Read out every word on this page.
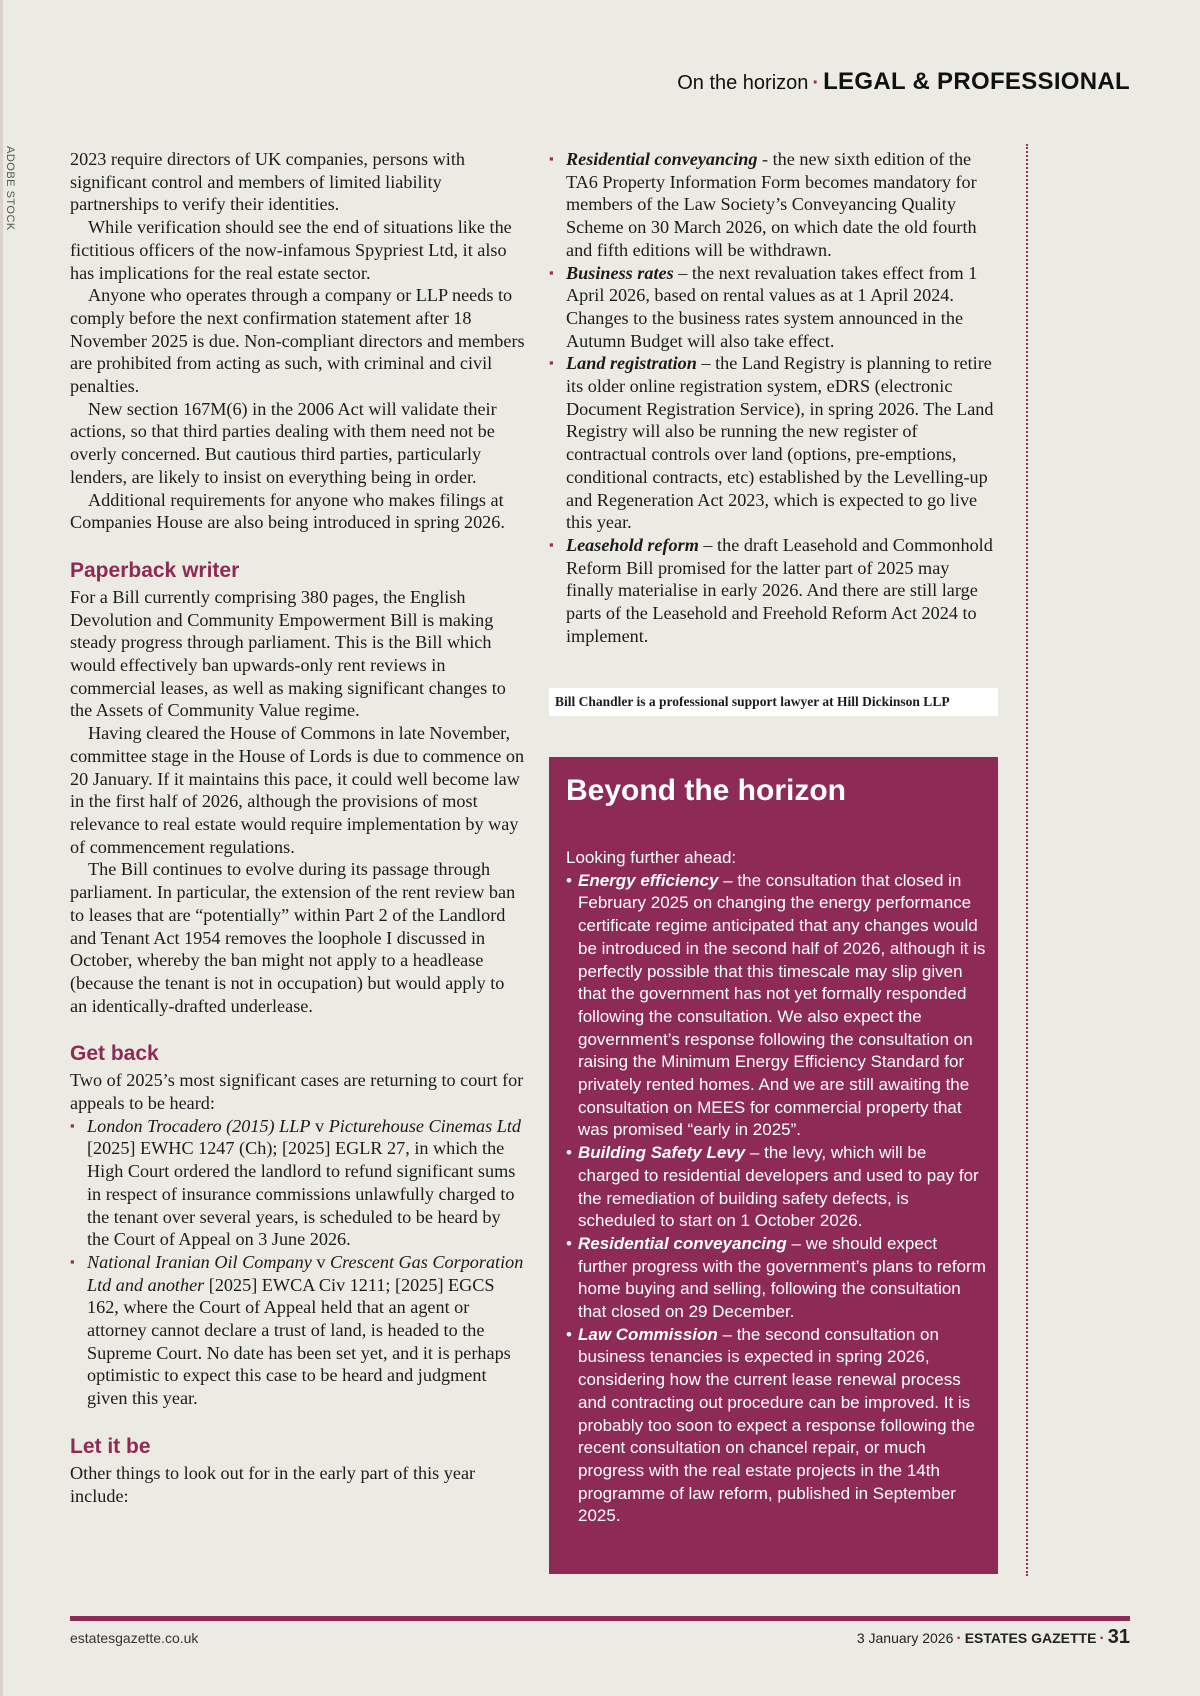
ADOBE STOCK
On the horizon · LEGAL & PROFESSIONAL

2023 require directors of UK companies, persons with significant control and members of limited liability partnerships to verify their identities.

While verification should see the end of situations like the fictitious officers of the now-infamous Spypriest Ltd, it also has implications for the real estate sector.

Anyone who operates through a company or LLP needs to comply before the next confirmation statement after 18 November 2025 is due. Non-compliant directors and members are prohibited from acting as such, with criminal and civil penalties.

New section 167M(6) in the 2006 Act will validate their actions, so that third parties dealing with them need not be overly concerned. But cautious third parties, particularly lenders, are likely to insist on everything being in order.

Additional requirements for anyone who makes filings at Companies House are also being introduced in spring 2026.

Paperback writer

For a Bill currently comprising 380 pages, the English Devolution and Community Empowerment Bill is making steady progress through parliament. This is the Bill which would effectively ban upwards-only rent reviews in commercial leases, as well as making significant changes to the Assets of Community Value regime.

Having cleared the House of Commons in late November, committee stage in the House of Lords is due to commence on 20 January. If it maintains this pace, it could well become law in the first half of 2026, although the provisions of most relevance to real estate would require implementation by way of commencement regulations.

The Bill continues to evolve during its passage through parliament. In particular, the extension of the rent review ban to leases that are “potentially” within Part 2 of the Landlord and Tenant Act 1954 removes the loophole I discussed in October, whereby the ban might not apply to a headlease (because the tenant is not in occupation) but would apply to an identically-drafted underlease.

Get back

Two of 2025’s most significant cases are returning to court for appeals to be heard:

▪ London Trocadero (2015) LLP v Picturehouse Cinemas Ltd [2025] EWHC 1247 (Ch); [2025] EGLR 27, in which the High Court ordered the landlord to refund significant sums in respect of insurance commissions unlawfully charged to the tenant over several years, is scheduled to be heard by the Court of Appeal on 3 June 2026.
▪ National Iranian Oil Company v Crescent Gas Corporation Ltd and another [2025] EWCA Civ 1211; [2025] EGCS 162, where the Court of Appeal held that an agent or attorney cannot declare a trust of land, is headed to the Supreme Court. No date has been set yet, and it is perhaps optimistic to expect this case to be heard and judgment given this year.
Let it be

Other things to look out for in the early part of this year include:

▪ Residential conveyancing - the new sixth edition of the TA6 Property Information Form becomes mandatory for members of the Law Society’s Conveyancing Quality Scheme on 30 March 2026, on which date the old fourth and fifth editions will be withdrawn.
▪ Business rates – the next revaluation takes effect from 1 April 2026, based on rental values as at 1 April 2024. Changes to the business rates system announced in the Autumn Budget will also take effect.
▪ Land registration – the Land Registry is planning to retire its older online registration system, eDRS (electronic Document Registration Service), in spring 2026. The Land Registry will also be running the new register of contractual controls over land (options, pre-emptions, conditional contracts, etc) established by the Levelling-up and Regeneration Act 2023, which is expected to go live this year.
▪ Leasehold reform – the draft Leasehold and Commonhold Reform Bill promised for the latter part of 2025 may finally materialise in early 2026. And there are still large parts of the Leasehold and Freehold Reform Act 2024 to implement.
Bill Chandler is a professional support lawyer at Hill Dickinson LLP
Beyond the horizon

Looking further ahead:

• Energy efficiency – the consultation that closed in February 2025 on changing the energy performance certificate regime anticipated that any changes would be introduced in the second half of 2026, although it is perfectly possible that this timescale may slip given that the government has not yet formally responded following the consultation. We also expect the government’s response following the consultation on raising the Minimum Energy Efficiency Standard for privately rented homes. And we are still awaiting the consultation on MEES for commercial property that was promised “early in 2025”.
• Building Safety Levy – the levy, which will be charged to residential developers and used to pay for the remediation of building safety defects, is scheduled to start on 1 October 2026.
• Residential conveyancing – we should expect further progress with the government’s plans to reform home buying and selling, following the consultation that closed on 29 December.
• Law Commission – the second consultation on business tenancies is expected in spring 2026, considering how the current lease renewal process and contracting out procedure can be improved. It is probably too soon to expect a response following the recent consultation on chancel repair, or much progress with the real estate projects in the 14th programme of law reform, published in September 2025.
estatesgazette.co.uk	3 January 2026 · ESTATES GAZETTE · 31
